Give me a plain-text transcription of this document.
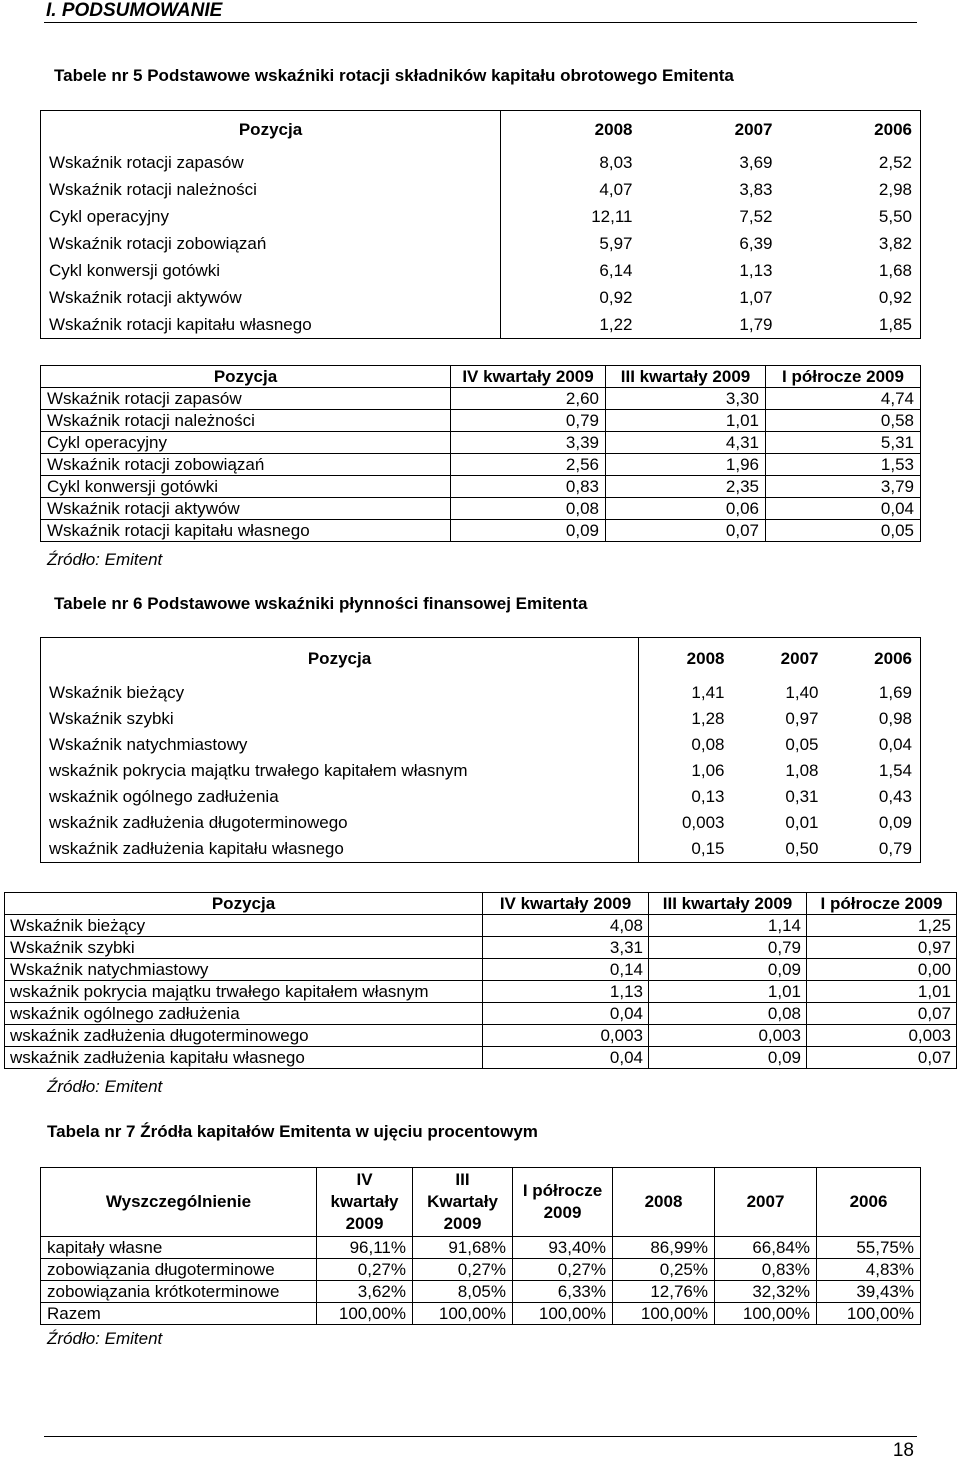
I. PODSUMOWANIE
Tabele nr 5 Podstawowe wskaźniki rotacji składników kapitału obrotowego Emitenta
Pozycja	2008	2007	2006
Wskaźnik rotacji zapasów	8,03	3,69	2,52
Wskaźnik rotacji należności	4,07	3,83	2,98
Cykl operacyjny	12,11	7,52	5,50
Wskaźnik rotacji zobowiązań	5,97	6,39	3,82
Cykl konwersji gotówki	6,14	1,13	1,68
Wskaźnik rotacji aktywów	0,92	1,07	0,92
Wskaźnik rotacji kapitału własnego	1,22	1,79	1,85
Pozycja	IV kwartały 2009	III kwartały 2009	I półrocze 2009
Wskaźnik rotacji zapasów	2,60	3,30	4,74
Wskaźnik rotacji należności	0,79	1,01	0,58
Cykl operacyjny	3,39	4,31	5,31
Wskaźnik rotacji zobowiązań	2,56	1,96	1,53
Cykl konwersji gotówki	0,83	2,35	3,79
Wskaźnik rotacji aktywów	0,08	0,06	0,04
Wskaźnik rotacji kapitału własnego	0,09	0,07	0,05
Źródło: Emitent
Tabele nr 6 Podstawowe wskaźniki płynności finansowej Emitenta
Pozycja	2008	2007	2006
Wskaźnik bieżący	1,41	1,40	1,69
Wskaźnik szybki	1,28	0,97	0,98
Wskaźnik natychmiastowy	0,08	0,05	0,04
wskaźnik pokrycia majątku trwałego kapitałem własnym	1,06	1,08	1,54
wskaźnik ogólnego zadłużenia	0,13	0,31	0,43
wskaźnik zadłużenia długoterminowego	0,003	0,01	0,09
wskaźnik zadłużenia kapitału własnego	0,15	0,50	0,79
Pozycja	IV kwartały 2009	III kwartały 2009	I półrocze 2009
Wskaźnik bieżący	4,08	1,14	1,25
Wskaźnik szybki	3,31	0,79	0,97
Wskaźnik natychmiastowy	0,14	0,09	0,00
wskaźnik pokrycia majątku trwałego kapitałem własnym	1,13	1,01	1,01
wskaźnik ogólnego zadłużenia	0,04	0,08	0,07
wskaźnik zadłużenia długoterminowego	0,003	0,003	0,003
wskaźnik zadłużenia kapitału własnego	0,04	0,09	0,07
Źródło: Emitent
Tabela nr 7 Źródła kapitałów Emitenta w ujęciu procentowym
Wyszczególnienie	IV kwartały 2009	III Kwartały 2009	I półrocze 2009	2008	2007	2006
kapitały własne	96,11%	91,68%	93,40%	86,99%	66,84%	55,75%
zobowiązania długoterminowe	0,27%	0,27%	0,27%	0,25%	0,83%	4,83%
zobowiązania krótkoterminowe	3,62%	8,05%	6,33%	12,76%	32,32%	39,43%
Razem	100,00%	100,00%	100,00%	100,00%	100,00%	100,00%
Źródło: Emitent
18
